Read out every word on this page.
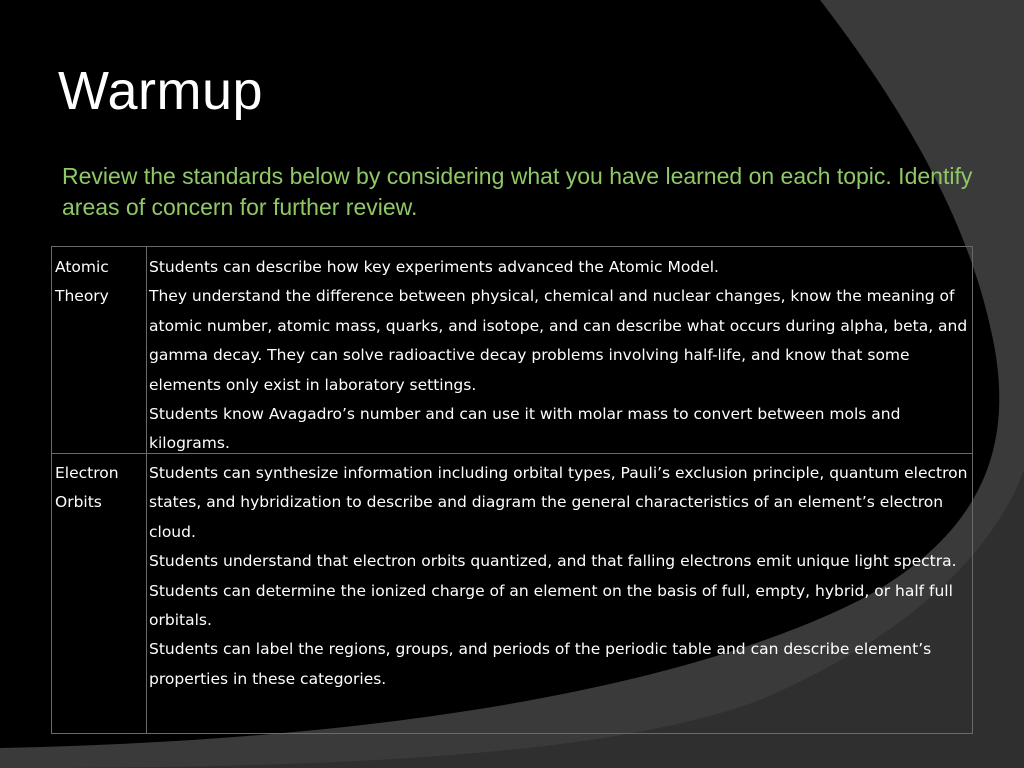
Warmup

Review the standards below by considering what you have learned on each topic. Identify areas of concern for further review.

Atomic
Theory

Students can describe how key experiments advanced the Atomic Model.

They understand the difference between physical, chemical and nuclear changes, know the meaning of atomic number, atomic mass, quarks, and isotope, and can describe what occurs during alpha, beta, and gamma decay. They can solve radioactive decay problems involving half-life, and know that some elements only exist in laboratory settings.

Students know Avagadro’s number and can use it with molar mass to convert between mols and kilograms.

Electron
Orbits

Students can synthesize information including orbital types, Pauli’s exclusion principle, quantum electron states, and hybridization to describe and diagram the general characteristics of an element’s electron cloud.

Students understand that electron orbits quantized, and that falling electrons emit unique light spectra.

Students can determine the ionized charge of an element on the basis of full, empty, hybrid, or half full orbitals.

Students can label the regions, groups, and periods of the periodic table and can describe element’s properties in these categories.
